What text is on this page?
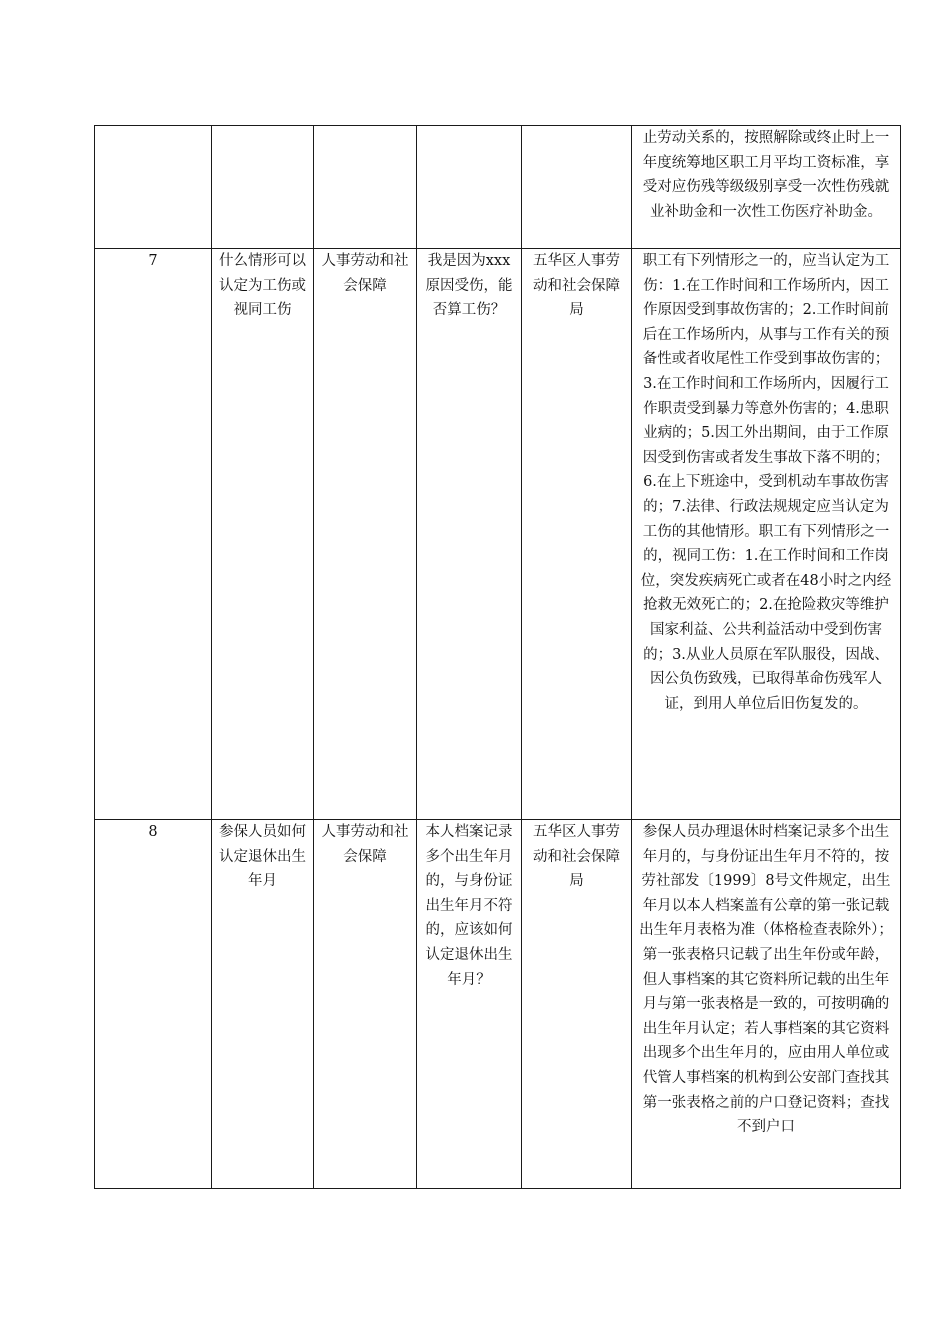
					止劳动关系的，按照解除或终止时上一年度统筹地区职工月平均工资标准，享受对应伤残等级级别享受一次性伤残就业补助金和一次性工伤医疗补助金。
7	什么情形可以认定为工伤或视同工伤	人事劳动和社会保障	我是因为xxx原因受伤，能否算工伤？	五华区人事劳动和社会保障局	职工有下列情形之一的，应当认定为工伤：1.在工作时间和工作场所内，因工作原因受到事故伤害的；2.工作时间前后在工作场所内，从事与工作有关的预备性或者收尾性工作受到事故伤害的；3.在工作时间和工作场所内，因履行工作职责受到暴力等意外伤害的；4.患职业病的；5.因工外出期间，由于工作原因受到伤害或者发生事故下落不明的；6.在上下班途中，受到机动车事故伤害的；7.法律、行政法规规定应当认定为工伤的其他情形。职工有下列情形之一的，视同工伤：1.在工作时间和工作岗位，突发疾病死亡或者在48小时之内经抢救无效死亡的；2.在抢险救灾等维护国家利益、公共利益活动中受到伤害的；3.从业人员原在军队服役，因战、因公负伤致残，已取得革命伤残军人证，到用人单位后旧伤复发的。
8	参保人员如何认定退休出生年月	人事劳动和社会保障	本人档案记录多个出生年月的，与身份证出生年月不符的，应该如何认定退休出生年月？	五华区人事劳动和社会保障局	参保人员办理退休时档案记录多个出生年月的，与身份证出生年月不符的，按劳社部发〔1999〕8号文件规定，出生年月以本人档案盖有公章的第一张记载出生年月表格为准（体格检查表除外）；第一张表格只记载了出生年份或年龄，但人事档案的其它资料所记载的出生年月与第一张表格是一致的，可按明确的出生年月认定；若人事档案的其它资料出现多个出生年月的，应由用人单位或代管人事档案的机构到公安部门查找其第一张表格之前的户口登记资料；查找不到户口
